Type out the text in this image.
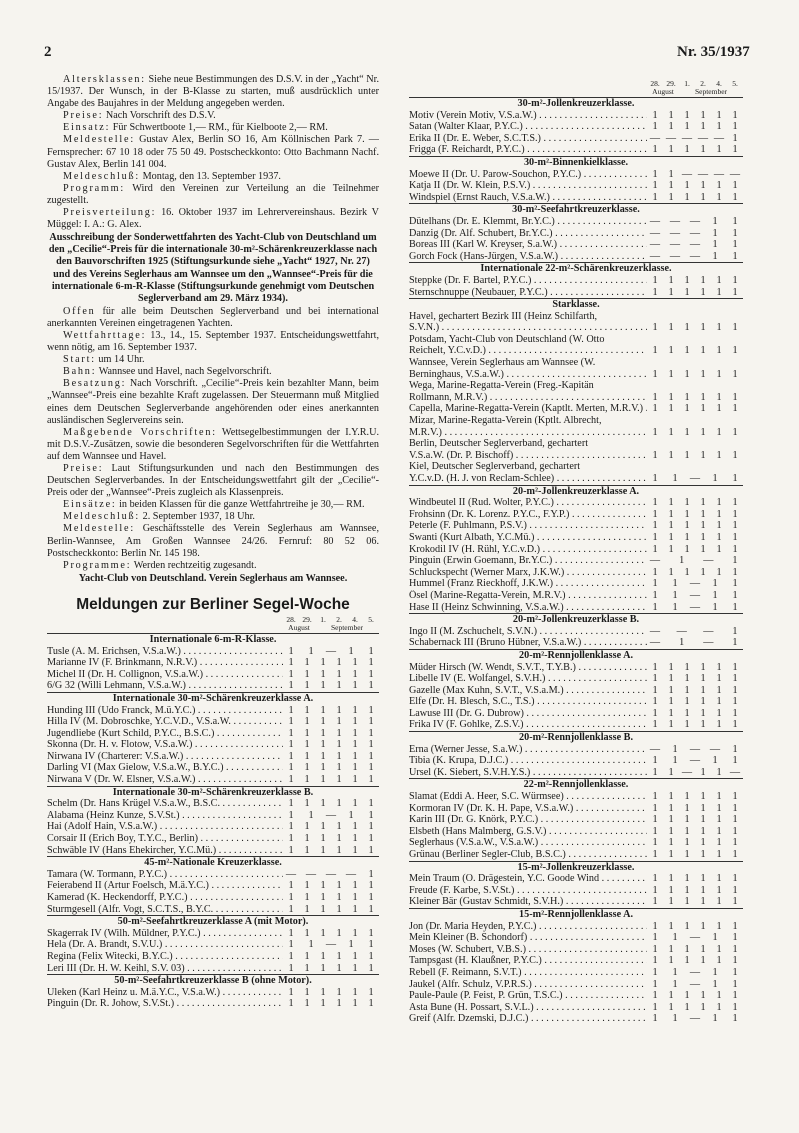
2	Nr. 35/1937

Altersklassen: Siehe neue Bestimmungen des D.S.V. in der „Yacht“ Nr. 15/1937. Der Wunsch, in der B-Klasse zu starten, muß ausdrücklich unter Angabe des Baujahres in der Meldung angegeben werden.

Preise: Nach Vorschrift des D.S.V.

Einsatz: Für Schwertboote 1,— RM., für Kielboote 2,— RM.

Meldestelle: Gustav Alex, Berlin SO 16, Am Köllnischen Park 7. — Fernsprecher: 67 10 18 oder 75 50 49. Postscheckkonto: Otto Bachmann Nachf. Gustav Alex, Berlin 141 004.

Meldeschluß: Montag, den 13. September 1937.

Programm: Wird den Vereinen zur Verteilung an die Teilnehmer zugestellt.

Preisverteilung: 16. Oktober 1937 im Lehrervereinshaus. Bezirk V Müggel: I. A.: G. Alex.

Ausschreibung der Sonderwettfahrten des Yacht-Club von Deutschland um den „Cecilie“-Preis für die internationale 30-m²-Schärenkreuzerklasse nach den Bauvorschriften 1925 (Stiftungsurkunde siehe „Yacht“ 1927, Nr. 27) und des Vereins Seglerhaus am Wannsee um den „Wannsee“-Preis für die internationale 6-m-R-Klasse (Stiftungsurkunde genehmigt vom Deutschen Seglerverband am 29. März 1934).

Offen für alle beim Deutschen Seglerverband und bei international anerkannten Vereinen eingetragenen Yachten.

Wettfahrttage: 13., 14., 15. September 1937. Entscheidungswettfahrt, wenn nötig, am 16. September 1937.

Start: um 14 Uhr.

Bahn: Wannsee und Havel, nach Segelvorschrift.

Besatzung: Nach Vorschrift. „Cecilie“-Preis kein bezahlter Mann, beim „Wannsee“-Preis eine bezahlte Kraft zugelassen. Der Steuermann muß Mitglied eines dem Deutschen Seglerverbande angehörenden oder eines anerkannten ausländischen Seglervereins sein.

Maßgebende Vorschriften: Wettsegelbestimmungen der I.Y.R.U. mit D.S.V.-Zusätzen, sowie die besonderen Segelvorschriften für die Wettfahrten auf dem Wannsee und Havel.

Preise: Laut Stiftungsurkunden und nach den Bestimmungen des Deutschen Seglerverbandes. In der Entscheidungswettfahrt gilt der „Cecilie“-Preis oder der „Wannsee“-Preis zugleich als Klassenpreis.

Einsätze: in beiden Klassen für die ganze Wettfahrtreihe je 30,— RM.

Meldeschluß: 2. September 1937, 18 Uhr.

Meldestelle: Geschäftsstelle des Verein Seglerhaus am Wannsee, Berlin-Wannsee, Am Großen Wannsee 24/26. Fernruf: 80 52 06. Postscheckkonto: Berlin Nr. 145 198.

Programme: Werden rechtzeitig zugesandt.

Yacht-Club von Deutschland. Verein Seglerhaus am Wannsee.
Meldungen zur Berliner Segel-Woche
28. 29.	1.	2.	4.	5.
August	September
Internationale 6-m-R-Klasse.
Tusle (A. M. Erichsen, V.S.a.W.) . . .	1	1	—	1	1
Marianne IV (F. Brinkmann, N.R.V.) . . .	1	1	1	1	1	1
Michel II (Dr. H. Collignon, V.S.a.W.) . . .	1	1	1	1	1	1
6/G 32 (Willi Lehmann, V.S.a.W.) . . .	1	1	1	1	1	1
Internationale 30-m²-Schärenkreuzerklasse A.
Hunding III (Udo Franck, M.ü.Y.C.) . . .	1	1	1	1	1	1
Hilla IV (M. Dobroschke, Y.C.V.D., V.S.a.W. . . .	1	1	1	1	1	1
Jugendliebe (Kurt Schild, P.Y.C., B.S.C.) . . .	1	1	1	1	1	1
Skonna (Dr. H. v. Flotow, V.S.a.W.) . . .	1	1	1	1	1	1
Nirwana IV (Charterer: V.S.a.W.) . . .	1	1	1	1	1	1
Darling VI (Max Gielow, V.S.a.W., B.Y.C.) . . .	1	1	1	1	1	1
Nirwana V (Dr. W. Elsner, V.S.a.W.) . . .	1	1	1	1	1	1
Internationale 30-m²-Schärenkreuzerklasse B.
Schelm (Dr. Hans Krügel V.S.a.W., B.S.C. . . .	1	1	1	1	1	1
Alabama (Heinz Kunze, S.V.St.) . . .	1	1	—	1	1
Hai (Adolf Hain, V.S.a.W.) . . .	1	1	1	1	1	1
Corsair II (Erich Boy, T.Y.C., Berlin) . . .	1	1	1	1	1	1
Schwäble IV (Hans Ehekircher, Y.C.Mü.) . . .	1	1	1	1	1	1
45-m²-Nationale Kreuzerklasse.
Tamara (W. Tormann, P.Y.C.) . . .	— — — —	1
Feierabend II (Artur Foelsch, M.ä.Y.C.) . . .	1	1	1	1	1	1
Kamerad (K. Heckendorff, P.Y.C.) . . .	1	1	1	1	1	1
Sturmgesell (Alfr. Vogt, S.C.T.S., B.Y.C. . . .	1	1	1	1	1	1
50-m²-Seefahrtkreuzerklasse A (mit Motor).
Skagerrak IV (Wilh. Müldner, P.Y.C.) . . .	1	1	1	1	1	1
Hela (Dr. A. Brandt, S.V.U.) . . .	1	1	—	1	1
Regina (Felix Witecki, B.Y.C.) . . .	1	1	1	1	1	1
Leri III (Dr. H. W. Keihl, S.V. 03) . . .	1	1	1	1	1	1
50-m²-Seefahrtkreuzerklasse B (ohne Motor).
Uleken (Karl Heinz u. M.ä.Y.C., V.S.a.W.) . . .	1	1	1	1	1	1
Pinguin (Dr. R. Johow, S.V.St.) . . .	1	1	1	1	1	1
28. 29.	1.	2.	4.	5.
August	September
30-m²-Jollenkreuzerklasse.
Motiv (Verein Motiv, V.S.a.W.) . . .	1	1	1	1	1	1
Satan (Walter Klaar, P.Y.C.) . . .	1	1	1	1	1	1
Erika II (Dr. E. Weber, S.C.T.S.) . . .	— — — — — 1
Frigga (F. Reichardt, P.Y.C.) . . .	1	1	1	1	1	1
30-m²-Binnenkielklasse.
Moewe II (Dr. U. Parow-Souchon, P.Y.C.) . . .	1	1 — — — —
Katja II (Dr. W. Klein, P.S.V.) . . .	1	1	1	1	1	1
Windspiel (Ernst Rauch, V.S.a.W.) . . .	1	1	1	1	1	1
30-m²-Seefahrtkreuzerklasse.
Dütelhans (Dr. E. Klemmt, Br.Y.C.) . . .	— — —	1	1
Danzig (Dr. Alf. Schubert, Br.Y.C.) . . .	— — —	1	1
Boreas III (Karl W. Kreyser, S.a.W.) . . .	— — —	1	1
Gorch Fock (Hans-Jürgen, V.S.a.W.) . . .	— — —	1	1
Internationale 22-m²-Schärenkreuzerklasse.
Steppke (Dr. F. Bartel, P.Y.C.) . . .	1	1	1	1	1	1
Sternschnuppe (Neubauer, P.Y.C.) . . .	1	1	1	1	1	1
Starklasse.
Havel, gechartert Bezirk III (Heinz Schilfarth,
S.V.N.) . . .	1	1	1	1	1	1
Potsdam, Yacht-Club von Deutschland (W. Otto
Reichelt, Y.C.v.D.) . . .	1	1	1	1	1	1
Wannsee, Verein Seglerhaus am Wannsee (W.
Berninghaus, V.S.a.W.) . . .	1	1	1	1	1	1
Wega, Marine-Regatta-Verein (Freg.-Kapitän
Rollmann, M.R.V.) . . .	1	1	1	1	1	1
Capella, Marine-Regatta-Verein (Kaptlt. Merten, M.R.V.) . . . 1	1	1	1	1	1
Mizar, Marine-Regatta-Verein (Kptlt. Albrecht,
M.R.V.) . . .	1	1	1	1	1	1
Berlin, Deutscher Seglerverband, gechartert
V.S.a.W. (Dr. P. Bischoff) . . .	1	1	1	1	1	1
Kiel, Deutscher Seglerverband, gechartert
Y.C.v.D. (H. J. von Reclam-Schlee) . . .	1	1	—	1	1
20-m²-Jollenkreuzerklasse A.
Windbeutel II (Rud. Wolter, P.Y.C.) . . .	1	1	1	1	1	1
Frohsinn (Dr. K. Lorenz. P.Y.C., F.Y.P.) . . .	1	1	1	1	1	1
Peterle (F. Puhlmann, P.S.V.) . . .	1	1	1	1	1	1
Swanti (Kurt Albath, Y.C.Mü.) . . .	1	1	1	1	1	1
Krokodil IV (H. Rühl, Y.C.v.D.) . . .	1	1	1	1	1	1
Pinguin (Erwin Goemann, Br.Y.C.) . . .	—	1	—	1
Schluckspecht (Werner Marx, J.K.W.) . . .	1	1	1	1	1	1
Hummel (Franz Rieckhoff, J.K.W.) . . .	1	1	—	1	1
Ösel (Marine-Regatta-Verein, M.R.V.) . . .	1	1	—	1	1
Hase II (Heinz Schwinning, V.S.a.W.) . . .	1	1	—	1	1
20-m²-Jollenkreuzerklasse B.
Ingo II (M. Zschuchelt, S.V.N.) . . .	— — —	1
Schabernack III (Bruno Hübner, V.S.a.W.) . . .	—	1	—	1
20-m²-Rennjollenklasse A.
Müder Hirsch (W. Wendt, S.V.T., T.Y.B.) . . .	1	1	1	1	1	1
Libelle IV (E. Wolfangel, S.V.H.) . . .	1	1	1	1	1	1
Gazelle (Max Kuhn, S.V.T., V.S.a.M.) . . .	1	1	1	1	1	1
Elfe (Dr. H. Blesch, S.C., T.S.) . . .	1	1	1	1	1	1
Lawuse III (Dr. G. Dubrow) . . .	1	1	1	1	1	1
Frika IV (F. Gohlke, Z.S.V.) . . .	1	1	1	1	1	1
20-m²-Rennjollenklasse B.
Erna (Werner Jesse, S.a.W.) . . .	—	1	— —	1
Tibia (K. Krupa, D.J.C.) . . .	1	1	—	1	1
Ursel (K. Siebert, S.V.H.Y.S.) . . .	1	1 — 1	1 —
22-m²-Rennjollenklasse.
Slamat (Eddi A. Heer, S.C. Würmsee) . . .	1	1	1	1	1	1
Kormoran IV (Dr. K. H. Pape, V.S.a.W.) . . .	1	1	1	1	1	1
Karin III (Dr. G. Knörk, P.Y.C.) . . .	1	1	1	1	1	1
Elsbeth (Hans Malmberg, G.S.V.) . . .	1	1	1	1	1	1
Seglerhaus (V.S.a.W., V.S.a.W.) . . .	1	1	1	1	1	1
Grünau (Berliner Segler-Club, B.S.C.) . . .	1	1	1	1	1	1
15-m²-Jollenkreuzerklasse.
Mein Traum (O. Drägestein, Y.C. Goode Wind . . .	1	1	1	1	1	1
Freude (F. Karbe, S.V.St.) . . .	1	1	1	1	1	1
Kleiner Bär (Gustav Schmidt, S.V.H.) . . .	1	1	1	1	1	1
15-m²-Rennjollenklasse A.
Jon (Dr. Maria Heyden, P.Y.C.) . . .	1	1	1	1	1	1
Mein Kleiner (B. Schondorf) . . .	1	1	—	1	1
Moses (W. Schubert, V.B.S.) . . .	1	1	1	1	1	1
Tampsgast (H. Klaußner, P.Y.C.) . . .	1	1	1	1	1	1
Rebell (F. Reimann, S.V.T.) . . .	1	1	—	1	1
Jaukel (Alfr. Schulz, V.P.R.S.) . . .	1	1	—	1	1
Paule-Paule (P. Feist, P. Grün, T.S.C.) . . .	1	1	1	1	1	1
Asta Bune (H. Possart, S.V.L.) . . .	1	1	1	1	1	1
Greif (Alfr. Dzemski, D.J.C.) . . .	1	1	—	1	1
